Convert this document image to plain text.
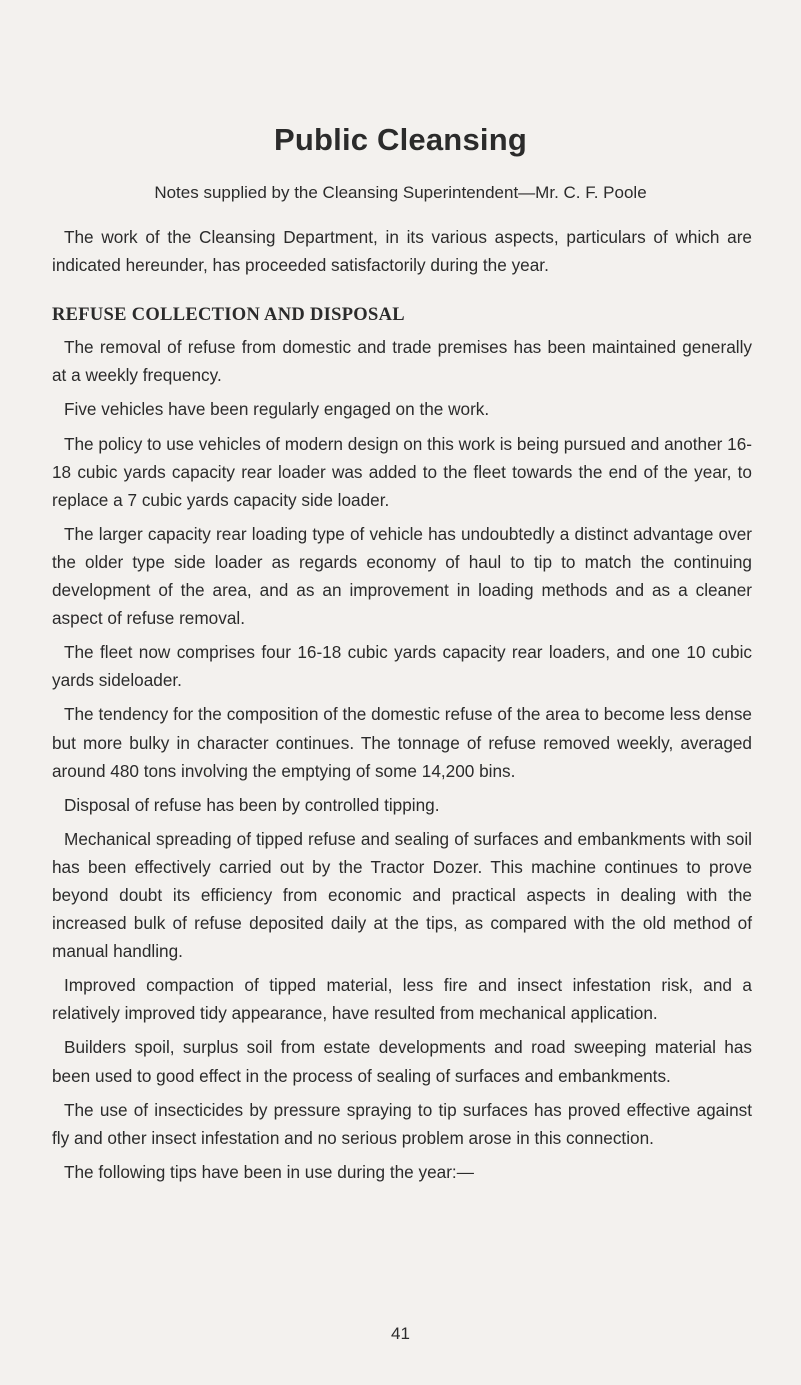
Public Cleansing
Notes supplied by the Cleansing Superintendent—Mr. C. F. Poole

The work of the Cleansing Department, in its various aspects, particulars of which are indicated hereunder, has proceeded satisfactorily during the year.

REFUSE COLLECTION AND DISPOSAL

The removal of refuse from domestic and trade premises has been maintained generally at a weekly frequency.

Five vehicles have been regularly engaged on the work.

The policy to use vehicles of modern design on this work is being pursued and another 16-18 cubic yards capacity rear loader was added to the fleet towards the end of the year, to replace a 7 cubic yards capacity side loader.

The larger capacity rear loading type of vehicle has undoubtedly a distinct advantage over the older type side loader as regards economy of haul to tip to match the continuing development of the area, and as an improvement in loading methods and as a cleaner aspect of refuse removal.

The fleet now comprises four 16-18 cubic yards capacity rear loaders, and one 10 cubic yards sideloader.

The tendency for the composition of the domestic refuse of the area to become less dense but more bulky in character continues. The tonnage of refuse removed weekly, averaged around 480 tons involving the emptying of some 14,200 bins.

Disposal of refuse has been by controlled tipping.

Mechanical spreading of tipped refuse and sealing of surfaces and embankments with soil has been effectively carried out by the Tractor Dozer. This machine continues to prove beyond doubt its efficiency from economic and practical aspects in dealing with the increased bulk of refuse deposited daily at the tips, as compared with the old method of manual handling.

Improved compaction of tipped material, less fire and insect infestation risk, and a relatively improved tidy appearance, have resulted from mechanical application.

Builders spoil, surplus soil from estate developments and road sweeping material has been used to good effect in the process of sealing of surfaces and embankments.

The use of insecticides by pressure spraying to tip surfaces has proved effective against fly and other insect infestation and no serious problem arose in this connection.

The following tips have been in use during the year:—

41
